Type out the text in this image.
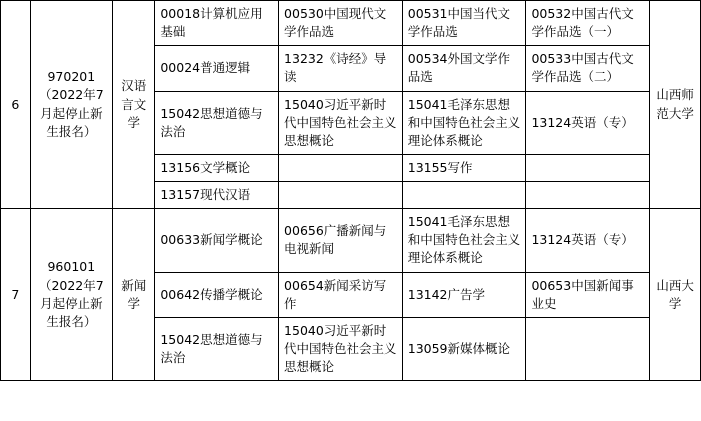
6	970201（2022年7月起停止新生报名）	汉语言文学	00018计算机应用基础	00530中国现代文学作品选	00531中国当代文学作品选	00532中国古代文学作品选（一）	山西师范大学
			00024普通逻辑	13232《诗经》导读	00534外国文学作品选	00533中国古代文学作品选（二）	
			15042思想道德与法治	15040习近平新时代中国特色社会主义思想概论	15041毛泽东思想和中国特色社会主义理论体系概论	13124英语（专）	
			13156文学概论		13155写作		
			13157现代汉语				
7	960101（2022年7月起停止新生报名）	新闻学	00633新闻学概论	00656广播新闻与电视新闻	15041毛泽东思想和中国特色社会主义理论体系概论	13124英语（专）	山西大学
			00642传播学概论	00654新闻采访写作	13142广告学	00653中国新闻事业史	
			15042思想道德与法治	15040习近平新时代中国特色社会主义思想概论	13059新媒体概论		
